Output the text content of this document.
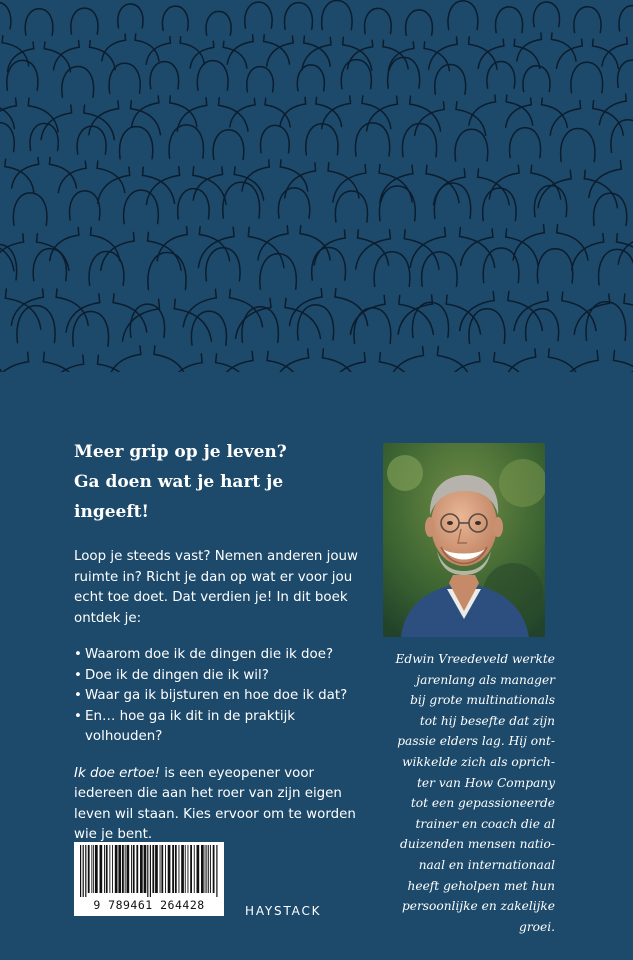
Meer grip op je leven?
Ga doen wat je hart je ingeeft!

Loop je steeds vast? Nemen anderen jouw ruimte in? Richt je dan op wat er voor jou echt toe doet. Dat verdien je! In dit boek ontdek je:

• Waarom doe ik de dingen die ik doe?
• Doe ik de dingen die ik wil?
• Waar ga ik bijsturen en hoe doe ik dat?
• En… hoe ga ik dit in de praktijk volhouden?

Ik doe ertoe! is een eyeopener voor iedereen die aan het roer van zijn eigen leven wil staan. Kies ervoor om te worden wie je bent.

Edwin Vreedeveld werkte
jarenlang als manager
bij grote multinationals
tot hij besefte dat zijn
passie elders lag. Hij ont-
wikkelde zich als oprich-
ter van How Company
tot een gepassioneerde
trainer en coach die al
duizenden mensen natio-
naal en internationaal
heeft geholpen met hun
persoonlijke en zakelijke
groei.
9 789461 264428	HAYSTACK
